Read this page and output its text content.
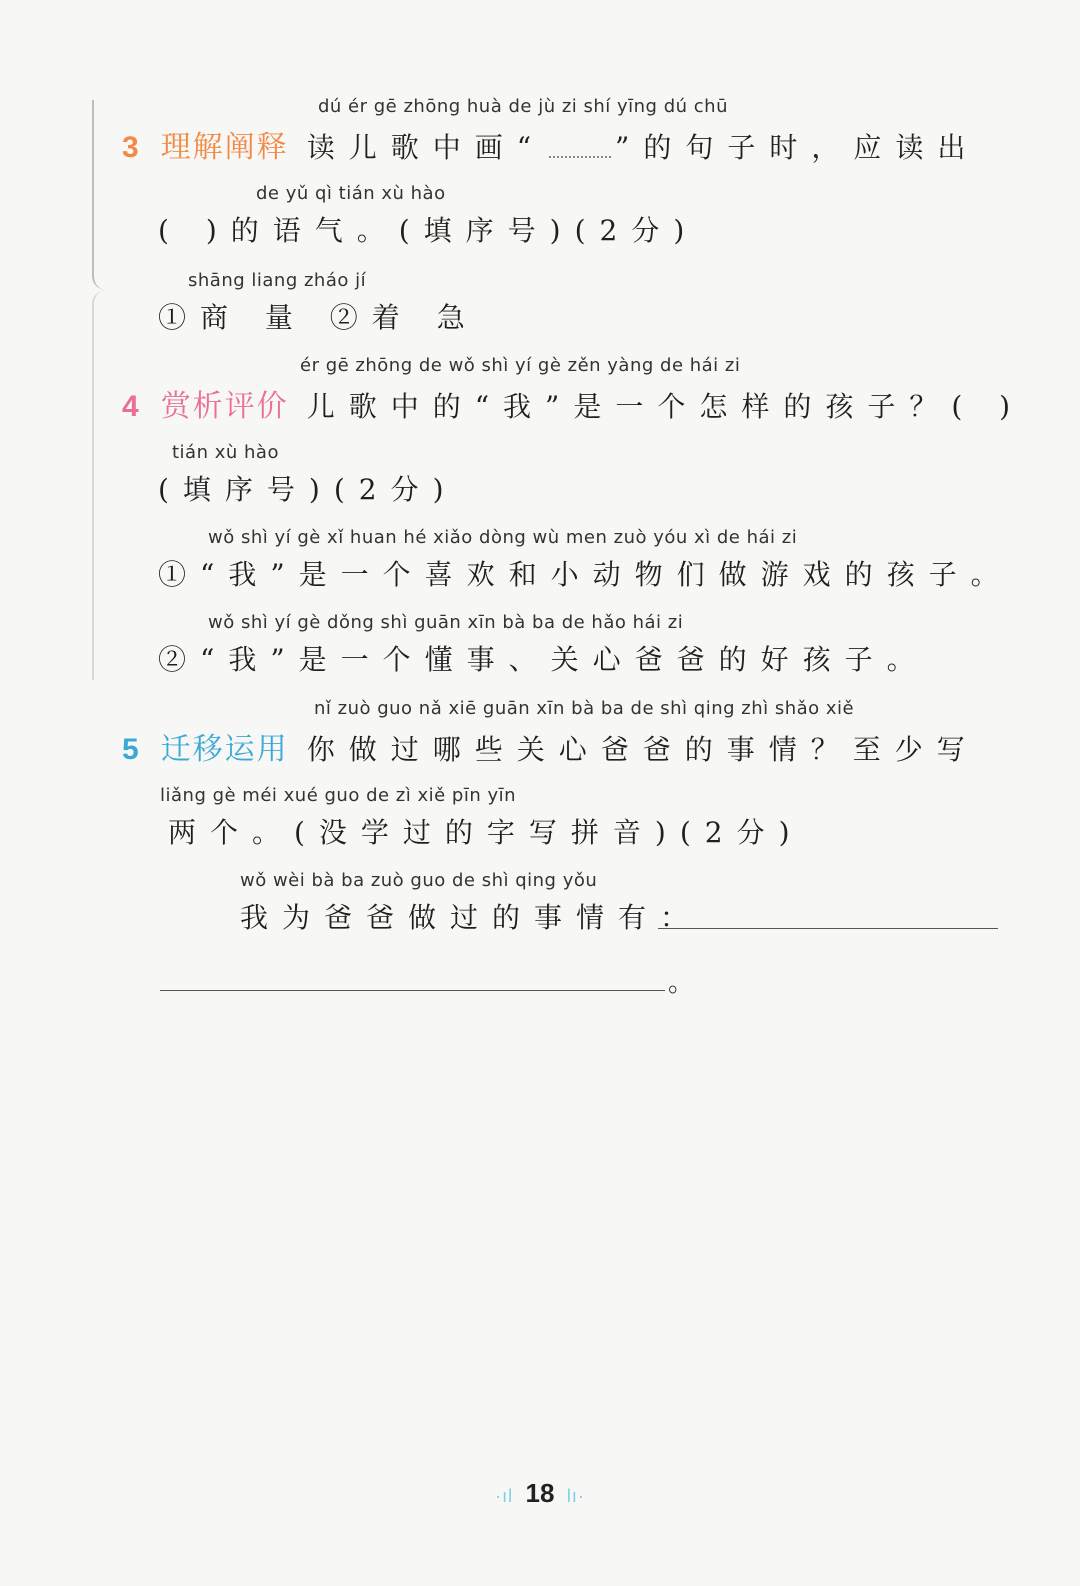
dú ér gē zhōng huà de jù zi shí yīng dú chū
3 理解阐释 读儿歌中画“	”的句子时，应读出
de yǔ qì tián xù hào
( )的语气。(填序号)(2分)
shāng liang zháo jí
①商 量 ②着 急
ér gē zhōng de wǒ shì yí gè zěn yàng de hái zi
4 赏析评价 儿歌中的“我”是一个怎样的孩子？( )
tián xù hào
(填序号)(2分)
wǒ shì yí gè xǐ huan hé xiǎo dòng wù men zuò yóu xì de hái zi
①“我”是一个喜欢和小动物们做游戏的孩子。
wǒ shì yí gè dǒng shì guān xīn bà ba de hǎo hái zi
②“我”是一个懂事、关心爸爸的好孩子。
nǐ zuò guo nǎ xiē guān xīn bà ba de shì qing zhì shǎo xiě
5 迁移运用 你做过哪些关心爸爸的事情？至少写
liǎng gè méi xué guo de zì xiě pīn yīn
两个。(没学过的字写拼音)(2分)
wǒ wèi bà ba zuò guo de shì qing yǒu
我为爸爸做过的事情有：
。
·ıl 18 lı·
